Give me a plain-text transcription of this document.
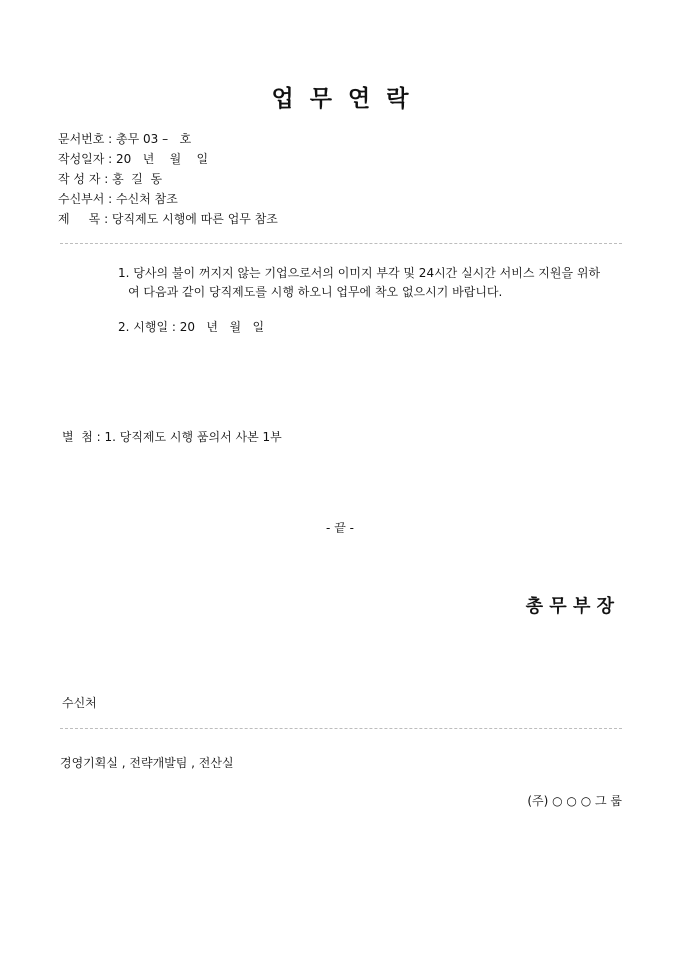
업  무  연  락
문서번호 : 총무 03 –   호
작성일자 : 20   년    월    일
작 성 자 : 홍  길  동
수신부서 : 수신처 참조
제     목 : 당직제도 시행에 따른 업무 참조
1. 당사의 불이 꺼지지 않는 기업으로서의 이미지 부각 및 24시간 실시간 서비스 지원을 위하
여 다음과 같이 당직제도를 시행 하오니 업무에 착오 없으시기 바랍니다.
2. 시행일 : 20   년   월   일
별  첨 : 1. 당직제도 시행 품의서 사본 1부
- 끝 -
총 무 부 장
수신처
경영기획실 , 전략개발팀 , 전산실
(주) ○ ○ ○ 그 룹
